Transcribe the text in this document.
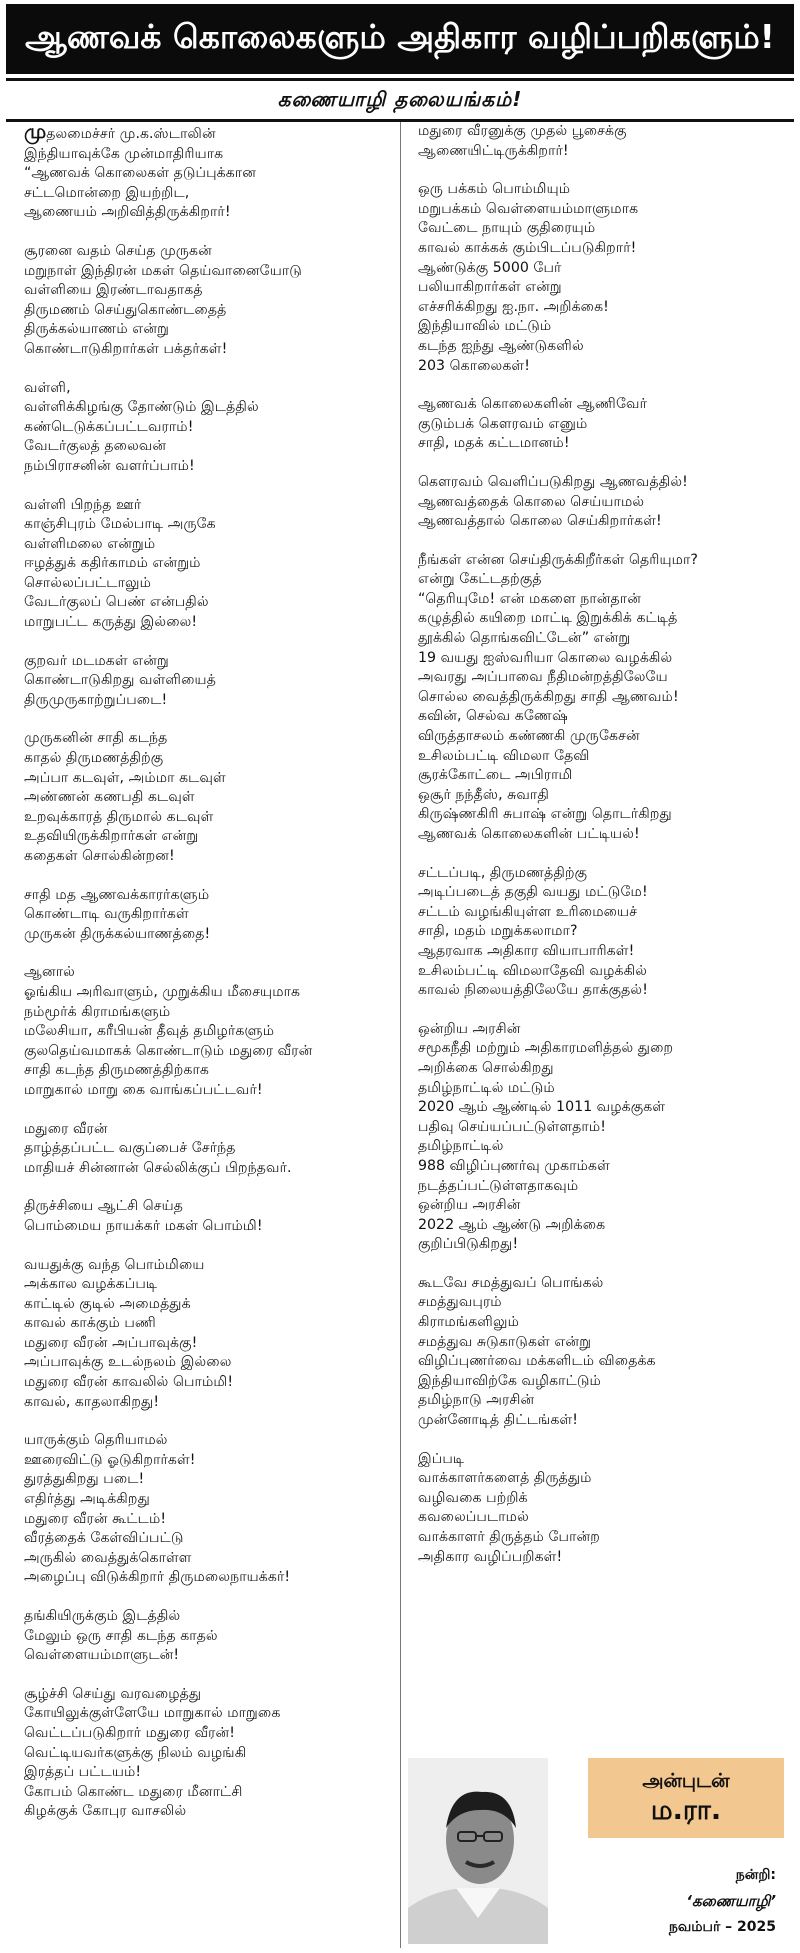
ஆணவக் கொலைகளும் அதிகார வழிப்பறிகளும்!
கணையாழி தலையங்கம்!
முதலமைச்சர் மு.க.ஸ்டாலின்
இந்தியாவுக்கே முன்மாதிரியாக
“ஆணவக் கொலைகள் தடுப்புக்கான
சட்டமொன்றை இயற்றிட,
ஆணையம் அறிவித்திருக்கிறார்!
சூரனை வதம் செய்த முருகன்
மறுநாள் இந்திரன் மகள் தெய்வானையோடு
வள்ளியை இரண்டாவதாகத்
திருமணம் செய்துகொண்டதைத்
திருக்கல்யாணம் என்று
கொண்டாடுகிறார்கள் பக்தர்கள்!
வள்ளி,
வள்ளிக்கிழங்கு தோண்டும் இடத்தில்
கண்டெடுக்கப்பட்டவராம்!
வேடர்குலத் தலைவன்
நம்பிராசனின் வளர்ப்பாம்!
வள்ளி பிறந்த ஊர்
காஞ்சிபுரம் மேல்பாடி அருகே
வள்ளிமலை என்றும்
ஈழத்துக் கதிர்காமம் என்றும்
சொல்லப்பட்டாலும்
வேடர்குலப் பெண் என்பதில்
மாறுபட்ட கருத்து இல்லை!
குறவர் மடமகள் என்று
கொண்டாடுகிறது வள்ளியைத்
திருமுருகாற்றுப்படை!
முருகனின் சாதி கடந்த
காதல் திருமணத்திற்கு
அப்பா கடவுள், அம்மா கடவுள்
அண்ணன் கணபதி கடவுள்
உறவுக்காரத் திருமால் கடவுள்
உதவியிருக்கிறார்கள் என்று
கதைகள் சொல்கின்றன!
சாதி மத ஆணவக்காரர்களும்
கொண்டாடி வருகிறார்கள்
முருகன் திருக்கல்யாணத்தை!
ஆனால்
ஓங்கிய அரிவாளும், முறுக்கிய மீசையுமாக
நம்மூர்க் கிராமங்களும்
மலேசியா, கரீபியன் தீவுத் தமிழர்களும்
குலதெய்வமாகக் கொண்டாடும் மதுரை வீரன்
சாதி கடந்த திருமணத்திற்காக
மாறுகால் மாறு கை வாங்கப்பட்டவர்!
மதுரை வீரன்
தாழ்த்தப்பட்ட வகுப்பைச் சேர்ந்த
மாதியச் சின்னான் செல்லிக்குப் பிறந்தவர்.
திருச்சியை ஆட்சி செய்த
பொம்மைய நாயக்கர் மகள் பொம்மி!
வயதுக்கு வந்த பொம்மியை
அக்கால வழக்கப்படி
காட்டில் குடில் அமைத்துக்
காவல் காக்கும் பணி
மதுரை வீரன் அப்பாவுக்கு!
அப்பாவுக்கு உடல்நலம் இல்லை
மதுரை வீரன் காவலில் பொம்மி!
காவல், காதலாகிறது!
யாருக்கும் தெரியாமல்
ஊரைவிட்டு ஓடுகிறார்கள்!
துரத்துகிறது படை!
எதிர்த்து அடிக்கிறது
மதுரை வீரன் கூட்டம்!
வீரத்தைக் கேள்விப்பட்டு
அருகில் வைத்துக்கொள்ள
அழைப்பு விடுக்கிறார் திருமலைநாயக்கர்!
தங்கியிருக்கும் இடத்தில்
மேலும் ஒரு சாதி கடந்த காதல்
வெள்ளையம்மாளுடன்!
சூழ்ச்சி செய்து வரவழைத்து
கோயிலுக்குள்ளேயே மாறுகால் மாறுகை
வெட்டப்படுகிறார் மதுரை வீரன்!
வெட்டியவர்களுக்கு நிலம் வழங்கி
இரத்தப் பட்டயம்!
கோபம் கொண்ட மதுரை மீனாட்சி
கிழக்குக் கோபுர வாசலில்
மதுரை வீரனுக்கு முதல் பூசைக்கு
ஆணையிட்டிருக்கிறார்!
ஒரு பக்கம் பொம்மியும்
மறுபக்கம் வெள்ளையம்மாளுமாக
வேட்டை நாயும் குதிரையும்
காவல் காக்கக் கும்பிடப்படுகிறார்!
ஆண்டுக்கு 5000 பேர்
பலியாகிறார்கள் என்று
எச்சரிக்கிறது ஐ.நா. அறிக்கை!
இந்தியாவில் மட்டும்
கடந்த ஐந்து ஆண்டுகளில்
203 கொலைகள்!
ஆணவக் கொலைகளின் ஆணிவேர்
குடும்பக் கௌரவம் எனும்
சாதி, மதக் கட்டமானம்!
கௌரவம் வெளிப்படுகிறது ஆணவத்தில்!
ஆணவத்தைக் கொலை செய்யாமல்
ஆணவத்தால் கொலை செய்கிறார்கள்!
நீங்கள் என்ன செய்திருக்கிறீர்கள் தெரியுமா?
என்று கேட்டதற்குத்
“தெரியுமே! என் மகளை நான்தான்
கழுத்தில் கயிறை மாட்டி இறுக்கிக் கட்டித்
தூக்கில் தொங்கவிட்டேன்” என்று
19 வயது ஐஸ்வரியா கொலை வழக்கில்
அவரது அப்பாவை நீதிமன்றத்திலேயே
சொல்ல வைத்திருக்கிறது சாதி ஆணவம்!
கவின், செல்வ கணேஷ்
விருத்தாசலம் கண்ணகி முருகேசன்
உசிலம்பட்டி விமலா தேவி
சூரக்கோட்டை அபிராமி
ஒசூர் நந்தீஸ், சுவாதி
கிருஷ்ணகிரி சுபாஷ் என்று தொடர்கிறது
ஆணவக் கொலைகளின் பட்டியல்!
சட்டப்படி, திருமணத்திற்கு
அடிப்படைத் தகுதி வயது மட்டுமே!
சட்டம் வழங்கியுள்ள உரிமையைச்
சாதி, மதம் மறுக்கலாமா?
ஆதரவாக அதிகார வியாபாரிகள்!
உசிலம்பட்டி விமலாதேவி வழக்கில்
காவல் நிலையத்திலேயே தாக்குதல்!
ஒன்றிய அரசின்
சமூகநீதி மற்றும் அதிகாரமளித்தல் துறை
அறிக்கை சொல்கிறது
தமிழ்நாட்டில் மட்டும்
2020 ஆம் ஆண்டில் 1011 வழக்குகள்
பதிவு செய்யப்பட்டுள்ளதாம்!
தமிழ்நாட்டில்
988 விழிப்புணர்வு முகாம்கள்
நடத்தப்பட்டுள்ளதாகவும்
ஒன்றிய அரசின்
2022 ஆம் ஆண்டு அறிக்கை
குறிப்பிடுகிறது!
கூடவே சமத்துவப் பொங்கல்
சமத்துவபுரம்
கிராமங்களிலும்
சமத்துவ சுடுகாடுகள் என்று
விழிப்புணர்வை மக்களிடம் விதைக்க
இந்தியாவிற்கே வழிகாட்டும்
தமிழ்நாடு அரசின்
முன்னோடித் திட்டங்கள்!
இப்படி
வாக்காளர்களைத் திருத்தும்
வழிவகை பற்றிக்
கவலைப்படாமல்
வாக்காளர் திருத்தம் போன்ற
அதிகார வழிப்பறிகள்!
அன்புடன்
ம.ரா.
நன்றி:
‘கணையாழி’
நவம்பர் – 2025
